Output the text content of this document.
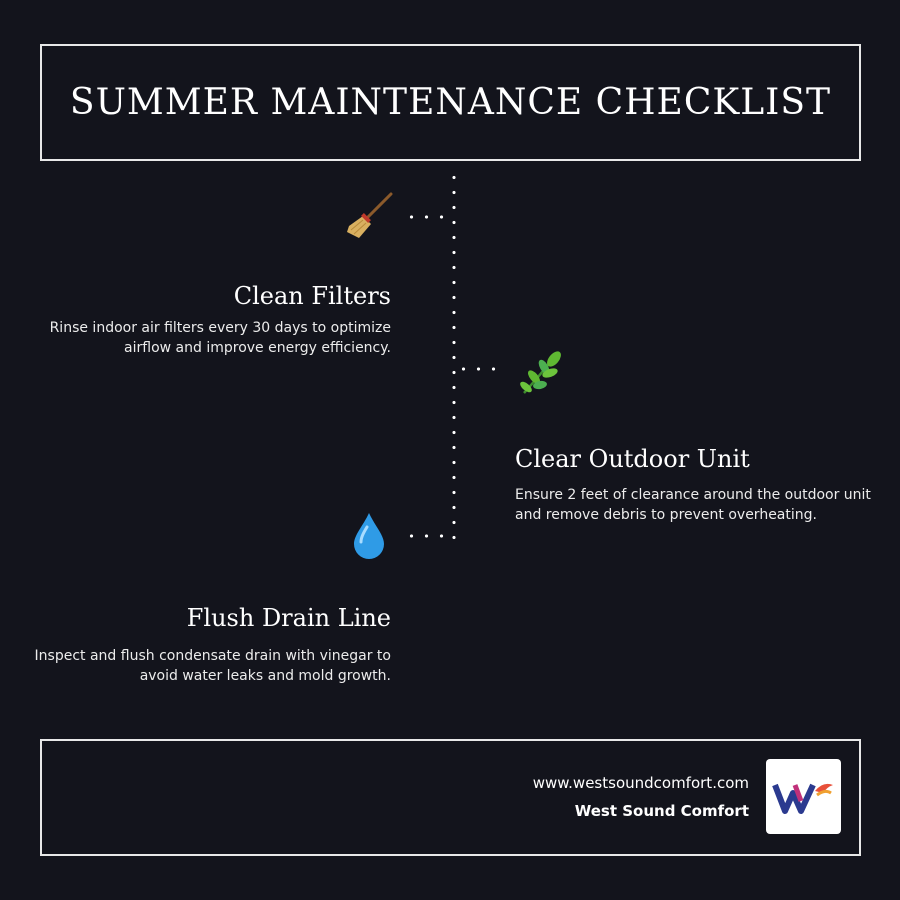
SUMMER MAINTENANCE CHECKLIST
Clean Filters
Rinse indoor air filters every 30 days to optimize airflow and improve energy efficiency.
Clear Outdoor Unit
Ensure 2 feet of clearance around the outdoor unit and remove debris to prevent overheating.
Flush Drain Line
Inspect and flush condensate drain with vinegar to avoid water leaks and mold growth.
www.westsoundcomfort.com
West Sound Comfort
